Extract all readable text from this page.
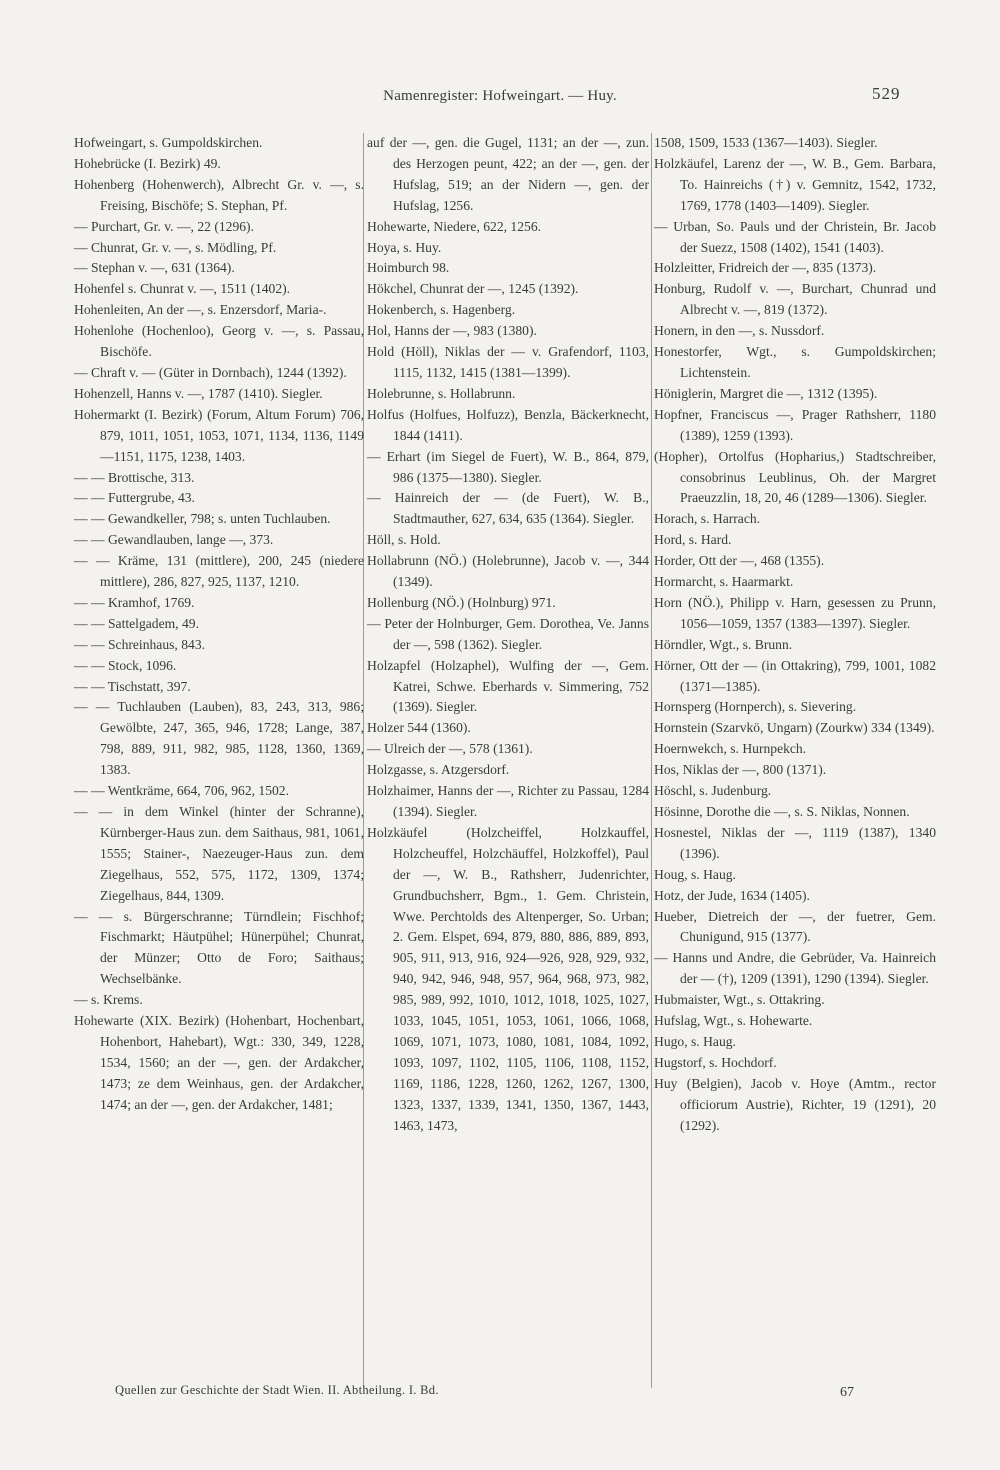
Namenregister: Hofweingart. — Huy.	529
Hofweingart, s. Gumpoldskirchen.
Hohebrücke (I. Bezirk) 49.
Hohenberg (Hohenwerch), Albrecht Gr. v. —, s. Freising, Bischöfe; S. Stephan, Pf.
— Purchart, Gr. v. —, 22 (1296).
— Chunrat, Gr. v. —, s. Mödling, Pf.
— Stephan v. —, 631 (1364).
Hohenfel s. Chunrat v. —, 1511 (1402).
Hohenleiten, An der —, s. Enzersdorf, Maria-.
Hohenlohe (Hochenloo), Georg v. —, s. Passau, Bischöfe.
— Chraft v. — (Güter in Dornbach), 1244 (1392).
Hohenzell, Hanns v. —, 1787 (1410). Siegler.
Hohermarkt (I. Bezirk) (Forum, Altum Forum) 706, 879, 1011, 1051, 1053, 1071, 1134, 1136, 1149—1151, 1175, 1238, 1403.
— — Brottische, 313.
— — Futtergrube, 43.
— — Gewandkeller, 798; s. unten Tuchlauben.
— — Gewandlauben, lange —, 373.
— — Kräme, 131 (mittlere), 200, 245 (niedere mittlere), 286, 827, 925, 1137, 1210.
— — Kramhof, 1769.
— — Sattelgadem, 49.
— — Schreinhaus, 843.
— — Stock, 1096.
— — Tischstatt, 397.
— — Tuchlauben (Lauben), 83, 243, 313, 986; Gewölbte, 247, 365, 946, 1728; Lange, 387, 798, 889, 911, 982, 985, 1128, 1360, 1369, 1383.
— — Wentkräme, 664, 706, 962, 1502.
— — in dem Winkel (hinter der Schranne), Kürnberger-Haus zun. dem Saithaus, 981, 1061, 1555; Stainer-, Naezeuger-Haus zun. dem Ziegelhaus, 552, 575, 1172, 1309, 1374; Ziegelhaus, 844, 1309.
— — s. Bürgerschranne; Türndlein; Fischhof; Fischmarkt; Häutpühel; Hünerpühel; Chunrat, der Münzer; Otto de Foro; Saithaus; Wechselbänke.
— s. Krems.
Hohewarte (XIX. Bezirk) (Hohenbart, Hochenbart, Hohenbort, Hahebart), Wgt.: 330, 349, 1228, 1534, 1560; an der —, gen. der Ardakcher, 1473; ze dem Weinhaus, gen. der Ardakcher, 1474; an der —, gen. der Ardakcher, 1481;
auf der —, gen. die Gugel, 1131; an der —, zun. des Herzogen peunt, 422; an der —, gen. der Hufslag, 519; an der Nidern —, gen. der Hufslag, 1256.
Hohewarte, Niedere, 622, 1256.
Hoya, s. Huy.
Hoimburch 98.
Hökchel, Chunrat der —, 1245 (1392).
Hokenberch, s. Hagenberg.
Hol, Hanns der —, 983 (1380).
Hold (Höll), Niklas der — v. Grafendorf, 1103, 1115, 1132, 1415 (1381—1399).
Holebrunne, s. Hollabrunn.
Holfus (Holfues, Holfuzz), Benzla, Bäckerknecht, 1844 (1411).
— Erhart (im Siegel de Fuert), W. B., 864, 879, 986 (1375—1380). Siegler.
— Hainreich der — (de Fuert), W. B., Stadtmauther, 627, 634, 635 (1364). Siegler.
Höll, s. Hold.
Hollabrunn (NÖ.) (Holebrunne), Jacob v. —, 344 (1349).
Hollenburg (NÖ.) (Holnburg) 971.
— Peter der Holnburger, Gem. Dorothea, Ve. Janns der —, 598 (1362). Siegler.
Holzapfel (Holzaphel), Wulfing der —, Gem. Katrei, Schwe. Eberhards v. Simmering, 752 (1369). Siegler.
Holzer 544 (1360).
— Ulreich der —, 578 (1361).
Holzgasse, s. Atzgersdorf.
Holzhaimer, Hanns der —, Richter zu Passau, 1284 (1394). Siegler.
Holzkäufel (Holzcheiffel, Holzkauffel, Holzcheuffel, Holzchäuffel, Holzkoffel), Paul der —, W. B., Rathsherr, Judenrichter, Grundbuchsherr, Bgm., 1. Gem. Christein, Wwe. Perchtolds des Altenperger, So. Urban; 2. Gem. Elspet, 694, 879, 880, 886, 889, 893, 905, 911, 913, 916, 924—926, 928, 929, 932, 940, 942, 946, 948, 957, 964, 968, 973, 982, 985, 989, 992, 1010, 1012, 1018, 1025, 1027, 1033, 1045, 1051, 1053, 1061, 1066, 1068, 1069, 1071, 1073, 1080, 1081, 1084, 1092, 1093, 1097, 1102, 1105, 1106, 1108, 1152, 1169, 1186, 1228, 1260, 1262, 1267, 1300, 1323, 1337, 1339, 1341, 1350, 1367, 1443, 1463, 1473,
1508, 1509, 1533 (1367—1403). Siegler.
Holzkäufel, Larenz der —, W. B., Gem. Barbara, To. Hainreichs (†) v. Gemnitz, 1542, 1732, 1769, 1778 (1403—1409). Siegler.
— Urban, So. Pauls und der Christein, Br. Jacob der Suezz, 1508 (1402), 1541 (1403).
Holzleitter, Fridreich der —, 835 (1373).
Honburg, Rudolf v. —, Burchart, Chunrad und Albrecht v. —, 819 (1372).
Honern, in den —, s. Nussdorf.
Honestorfer, Wgt., s. Gumpoldskirchen; Lichtenstein.
Höniglerin, Margret die —, 1312 (1395).
Hopfner, Franciscus —, Prager Rathsherr, 1180 (1389), 1259 (1393).
(Hopher), Ortolfus (Hopharius,) Stadtschreiber, consobrinus Leublinus, Oh. der Margret Praeuzzlin, 18, 20, 46 (1289—1306). Siegler.
Horach, s. Harrach.
Hord, s. Hard.
Horder, Ott der —, 468 (1355).
Hormarcht, s. Haarmarkt.
Horn (NÖ.), Philipp v. Harn, gesessen zu Prunn, 1056—1059, 1357 (1383—1397). Siegler.
Hörndler, Wgt., s. Brunn.
Hörner, Ott der — (in Ottakring), 799, 1001, 1082 (1371—1385).
Hornsperg (Hornperch), s. Sievering.
Hornstein (Szarvkö, Ungarn) (Zourkw) 334 (1349).
Hoernwekch, s. Hurnpekch.
Hos, Niklas der —, 800 (1371).
Höschl, s. Judenburg.
Hösinne, Dorothe die —, s. S. Niklas, Nonnen.
Hosnestel, Niklas der —, 1119 (1387), 1340 (1396).
Houg, s. Haug.
Hotz, der Jude, 1634 (1405).
Hueber, Dietreich der —, der fuetrer, Gem. Chunigund, 915 (1377).
— Hanns und Andre, die Gebrüder, Va. Hainreich der — (†), 1209 (1391), 1290 (1394). Siegler.
Hubmaister, Wgt., s. Ottakring.
Hufslag, Wgt., s. Hohewarte.
Hugo, s. Haug.
Hugstorf, s. Hochdorf.
Huy (Belgien), Jacob v. Hoye (Amtm., rector officiorum Austrie), Richter, 19 (1291), 20 (1292).
Quellen zur Geschichte der Stadt Wien. II. Abtheilung. I. Bd.	67
